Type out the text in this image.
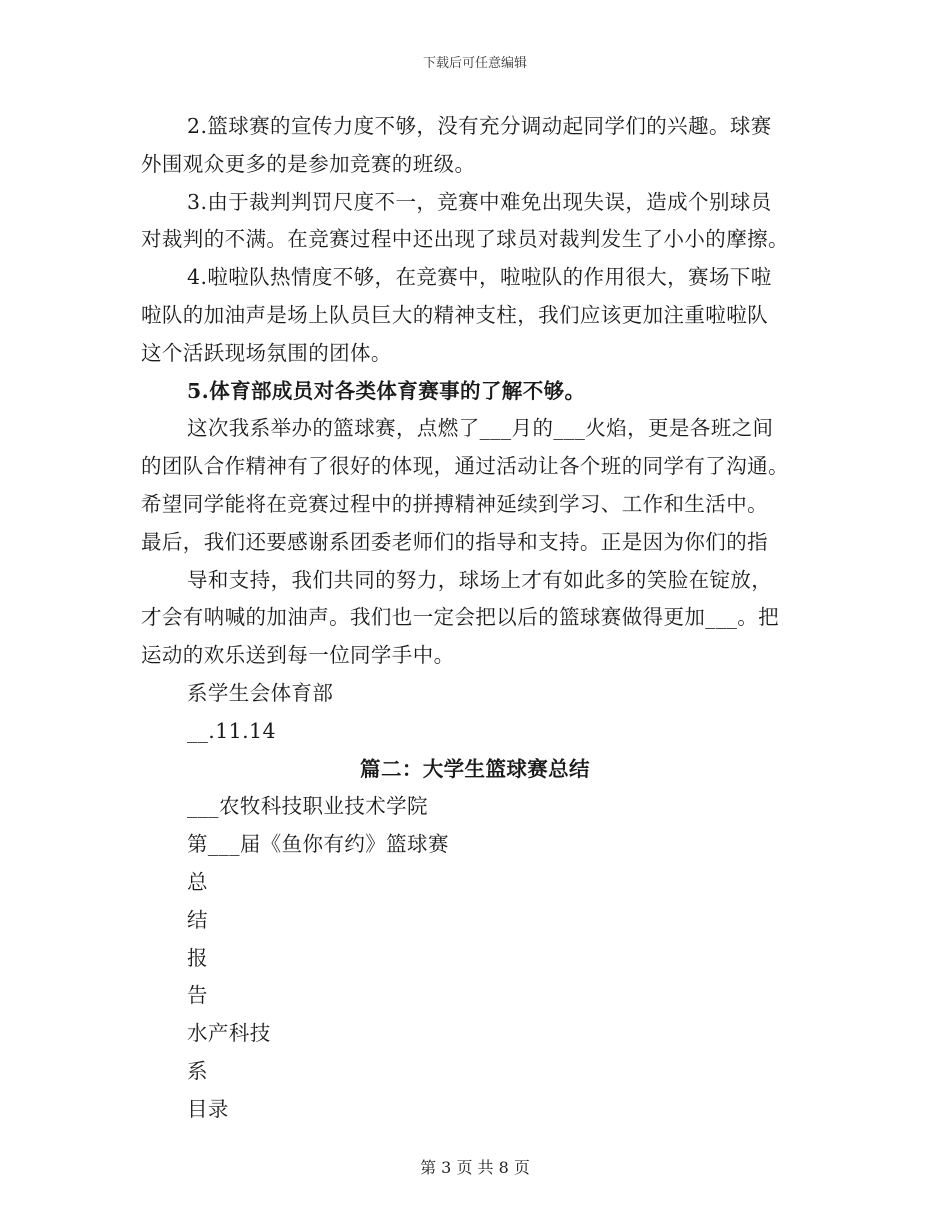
下载后可任意编辑
2.篮球赛的宣传力度不够，没有充分调动起同学们的兴趣。球赛
外围观众更多的是参加竞赛的班级。
3.由于裁判判罚尺度不一，竞赛中难免出现失误，造成个别球员
对裁判的不满。在竞赛过程中还出现了球员对裁判发生了小小的摩擦。
4.啦啦队热情度不够，在竞赛中，啦啦队的作用很大，赛场下啦
啦队的加油声是场上队员巨大的精神支柱，我们应该更加注重啦啦队
这个活跃现场氛围的团体。
5.体育部成员对各类体育赛事的了解不够。
这次我系举办的篮球赛，点燃了___月的___火焰，更是各班之间
的团队合作精神有了很好的体现，通过活动让各个班的同学有了沟通。
希望同学能将在竞赛过程中的拼搏精神延续到学习、工作和生活中。
最后，我们还要感谢系团委老师们的指导和支持。正是因为你们的指
导和支持，我们共同的努力，球场上才有如此多的笑脸在锭放，
才会有呐喊的加油声。我们也一定会把以后的篮球赛做得更加___。把
运动的欢乐送到每一位同学手中。
系学生会体育部
__.11.14
篇二：大学生篮球赛总结
___农牧科技职业技术学院
第___届《鱼你有约》篮球赛
总
结
报
告
水产科技
系
目录
第 3 页 共 8 页
